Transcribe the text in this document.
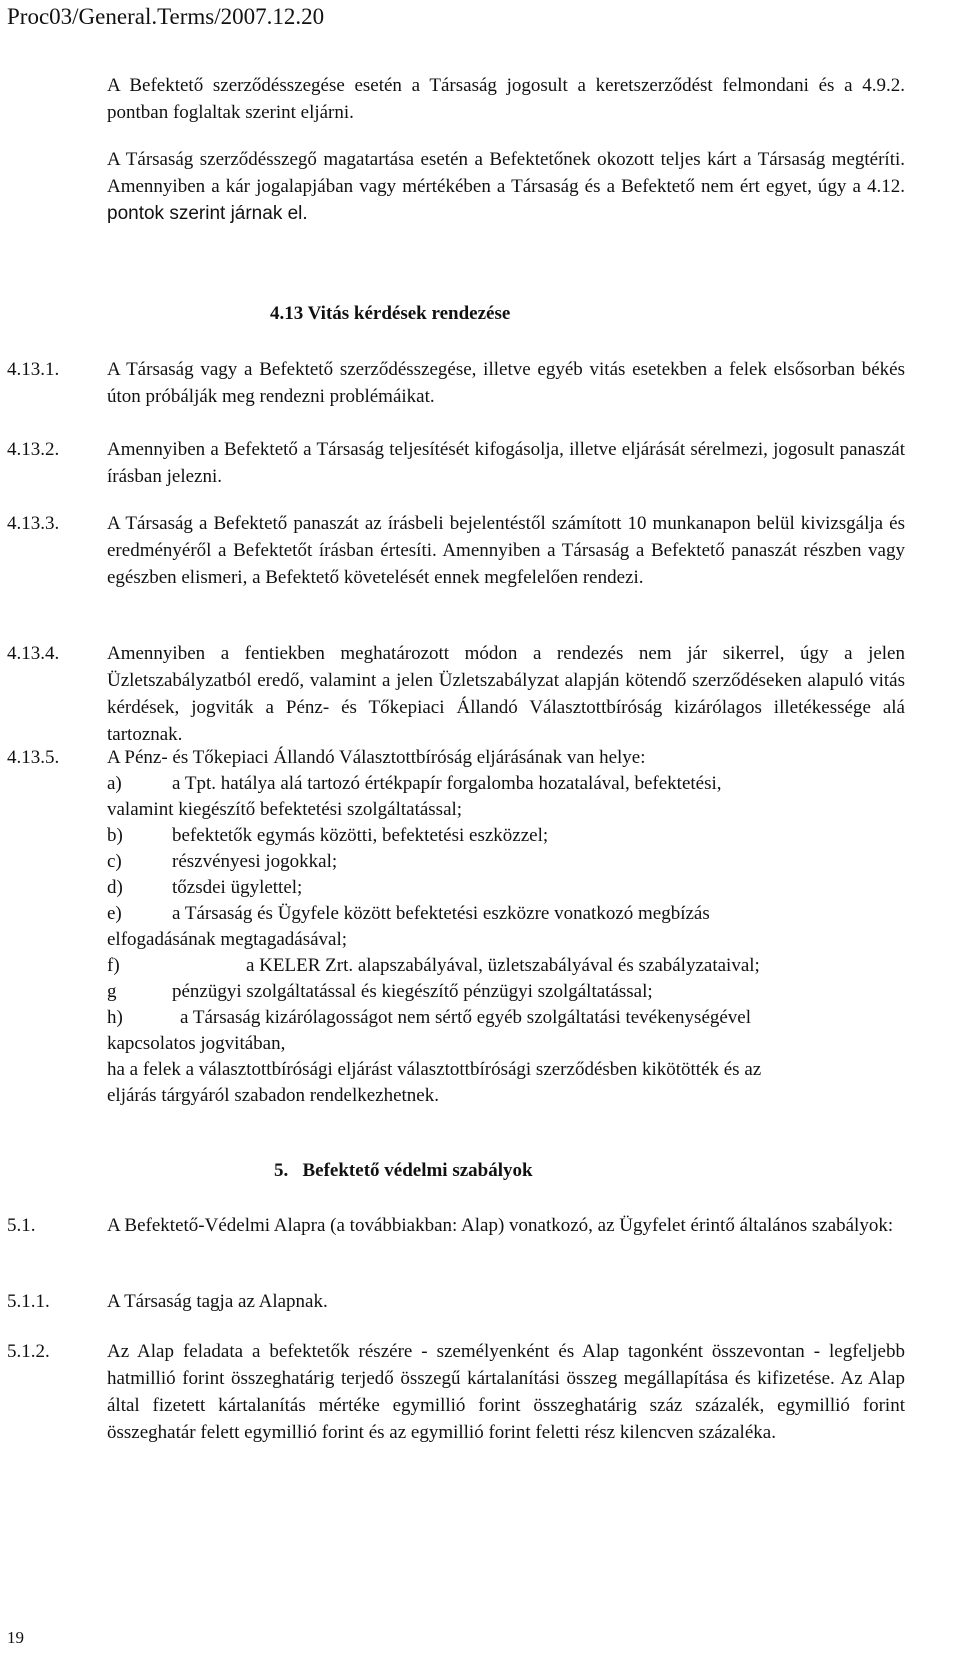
Proc03/General.Terms/2007.12.20
A Befektető szerződésszegése esetén a Társaság jogosult a keretszerződést felmondani és a 4.9.2. pontban foglaltak szerint eljárni.
A Társaság szerződésszegő magatartása esetén a Befektetőnek okozott teljes kárt a Társaság megtéríti. Amennyiben a kár jogalapjában vagy mértékében a Társaság és a Befektető nem ért egyet, úgy a 4.12. pontok szerint járnak el.
4.13 Vitás kérdések rendezése
4.13.1.	A Társaság vagy a Befektető szerződésszegése, illetve egyéb vitás esetekben a felek elsősorban békés úton próbálják meg rendezni problémáikat.
4.13.2.	Amennyiben a Befektető a Társaság teljesítését kifogásolja, illetve eljárását sérelmezi, jogosult panaszát írásban jelezni.
4.13.3.	A Társaság a Befektető panaszát az írásbeli bejelentéstől számított 10 munkanapon belül kivizsgálja és eredményéről a Befektetőt írásban értesíti. Amennyiben a Társaság a Befektető panaszát részben vagy egészben elismeri, a Befektető követelését ennek megfelelően rendezi.
4.13.4.	Amennyiben a fentiekben meghatározott módon a rendezés nem jár sikerrel, úgy a jelen Üzletszabályzatból eredő, valamint a jelen Üzletszabályzat alapján kötendő szerződéseken alapuló vitás kérdések, jogviták a Pénz- és Tőkepiaci Állandó Választottbíróság kizárólagos illetékessége alá tartoznak.
4.13.5.	A Pénz- és Tőkepiaci Állandó Választottbíróság eljárásának van helye:
a)	a Tpt. hatálya alá tartozó értékpapír forgalomba hozatalával, befektetési,
valamint kiegészítő befektetési szolgáltatással;
b)	befektetők egymás közötti, befektetési eszközzel;
c)	részvényesi jogokkal;
d)	tőzsdei ügylettel;
e)	a Társaság és Ügyfele között befektetési eszközre vonatkozó megbízás
elfogadásának megtagadásával;
f)	a KELER Zrt. alapszabályával, üzletszabályával és szabályzataival;
g	pénzügyi szolgáltatással és kiegészítő pénzügyi szolgáltatással;
h)	a Társaság kizárólagosságot nem sértő egyéb szolgáltatási tevékenységével
kapcsolatos jogvitában,
ha a felek a választottbírósági eljárást választottbírósági szerződésben kikötötték és az
eljárás tárgyáról szabadon rendelkezhetnek.
5.   Befektető védelmi szabályok
5.1.	A Befektető-Védelmi Alapra (a továbbiakban: Alap) vonatkozó, az Ügyfelet érintő általános szabályok:
5.1.1.	A Társaság tagja az Alapnak.
5.1.2.	Az Alap feladata a befektetők részére - személyenként és Alap tagonként összevontan - legfeljebb hatmillió forint összeghatárig terjedő összegű kártalanítási összeg megállapítása és kifizetése. Az Alap által fizetett kártalanítás mértéke egymillió forint összeghatárig száz százalék, egymillió forint összeghatár felett egymillió forint és az egymillió forint feletti rész kilencven százaléka.
19
